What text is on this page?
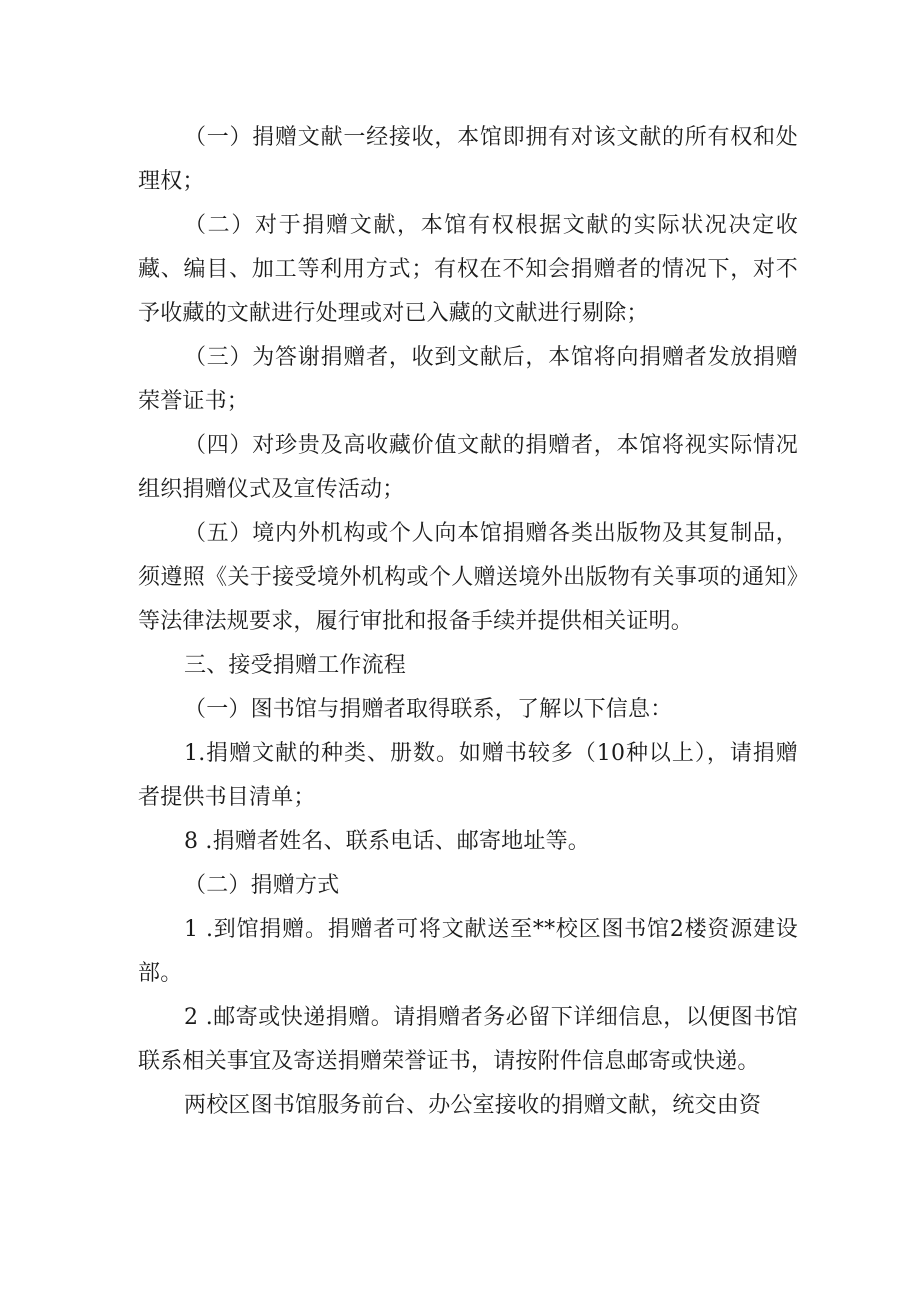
（一）捐赠文献一经接收，本馆即拥有对该文献的所有权和处理权；

（二）对于捐赠文献，本馆有权根据文献的实际状况决定收藏、编目、加工等利用方式；有权在不知会捐赠者的情况下，对不予收藏的文献进行处理或对已入藏的文献进行剔除；

（三）为答谢捐赠者，收到文献后，本馆将向捐赠者发放捐赠荣誉证书；

（四）对珍贵及高收藏价值文献的捐赠者，本馆将视实际情况组织捐赠仪式及宣传活动；

（五）境内外机构或个人向本馆捐赠各类出版物及其复制品，须遵照《关于接受境外机构或个人赠送境外出版物有关事项的通知》等法律法规要求，履行审批和报备手续并提供相关证明。

三、接受捐赠工作流程

（一）图书馆与捐赠者取得联系，了解以下信息：

1.捐赠文献的种类、册数。如赠书较多（10种以上），请捐赠者提供书目清单；

8 .捐赠者姓名、联系电话、邮寄地址等。

（二）捐赠方式

1 .到馆捐赠。捐赠者可将文献送至**校区图书馆2楼资源建设部。

2 .邮寄或快递捐赠。请捐赠者务必留下详细信息，以便图书馆联系相关事宜及寄送捐赠荣誉证书，请按附件信息邮寄或快递。

两校区图书馆服务前台、办公室接收的捐赠文献，统交由资
